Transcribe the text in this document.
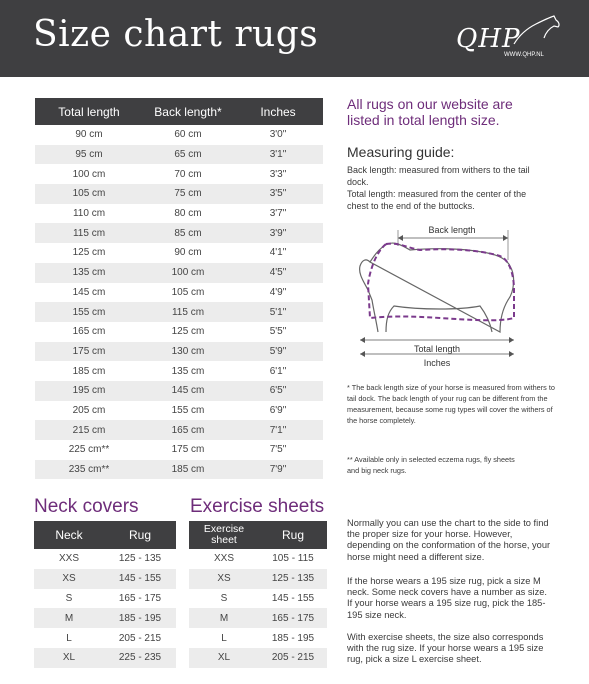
Size chart rugs	QHP
WWW.QHP.NL
Total length	Back length*	Inches
90 cm	60 cm	3'0"
95 cm	65 cm	3'1"
100 cm	70 cm	3'3"
105 cm	75 cm	3'5"
110 cm	80 cm	3'7"
115 cm	85 cm	3'9"
125 cm	90 cm	4'1"
135 cm	100 cm	4'5"
145 cm	105 cm	4'9"
155 cm	115 cm	5'1"
165 cm	125 cm	5'5"
175 cm	130 cm	5'9"
185 cm	135 cm	6'1"
195 cm	145 cm	6'5"
205 cm	155 cm	6'9"
215 cm	165 cm	7'1"
225 cm**	175 cm	7'5"
235 cm**	185 cm	7'9"
All rugs on our website are listed in total length size.
Measuring guide:
Back length: measured from withers to the tail dock.
Total length: measured from the center of the chest to the end of the buttocks.
Back length
Total length
Inches
* The back length size of your horse is measured from withers to tail dock. The back length of your rug can be different from the measurement, because some rug types will cover the withers of the horse completely.
** Available only in selected eczema rugs, fly sheets and big neck rugs.
Neck covers	Exercise sheets
Neck	Rug
XXS	125 - 135
XS	145 - 155
S	165 - 175
M	185 - 195
L	205 - 215
XL	225 - 235
Exercise sheet	Rug
XXS	105 - 115
XS	125 - 135
S	145 - 155
M	165 - 175
L	185 - 195
XL	205 - 215
Normally you can use the chart to the side to find the proper size for your horse. However, depending on the conformation of the horse, your horse might need a different size.
If the horse wears a 195 size rug, pick a size M neck. Some neck covers have a number as size. If your horse wears a 195 size rug, pick the 185-195 size neck.
With exercise sheets, the size also corresponds with the rug size. If your horse wears a 195 size rug, pick a size L exercise sheet.
